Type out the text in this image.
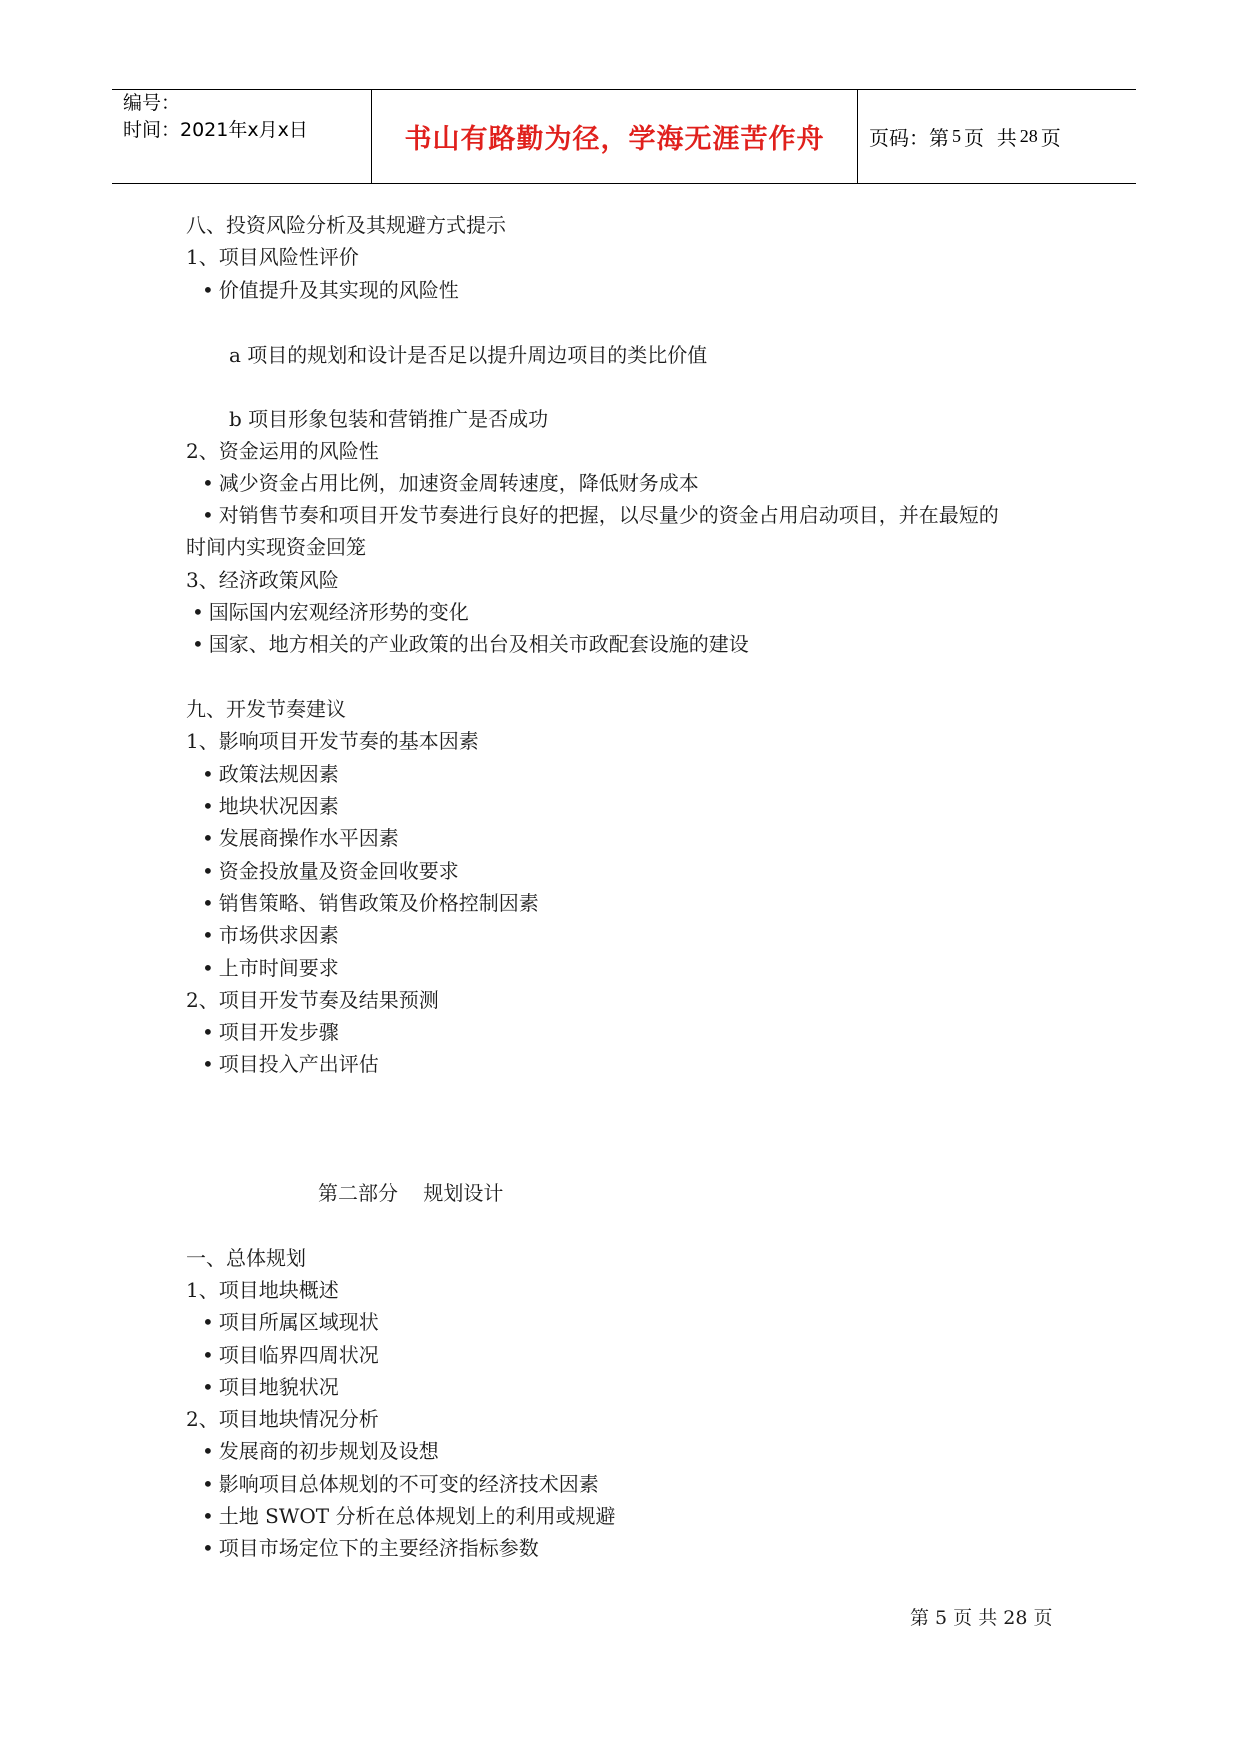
编号：
时间：2021年x月x日	书山有路勤为径，学海无涯苦作舟	页码：第 5 页  共 28 页
八、投资风险分析及其规避方式提示
1、项目风险性评价
• 价值提升及其实现的风险性
a 项目的规划和设计是否足以提升周边项目的类比价值
b 项目形象包装和营销推广是否成功
2、资金运用的风险性
• 减少资金占用比例，加速资金周转速度，降低财务成本
• 对销售节奏和项目开发节奏进行良好的把握，以尽量少的资金占用启动项目，并在最短的
时间内实现资金回笼
3、经济政策风险
• 国际国内宏观经济形势的变化
• 国家、地方相关的产业政策的出台及相关市政配套设施的建设
九、开发节奏建议
1、影响项目开发节奏的基本因素
• 政策法规因素
• 地块状况因素
• 发展商操作水平因素
• 资金投放量及资金回收要求
• 销售策略、销售政策及价格控制因素
• 市场供求因素
• 上市时间要求
2、项目开发节奏及结果预测
• 项目开发步骤
• 项目投入产出评估
第二部分    规划设计
一、总体规划
1、项目地块概述
• 项目所属区域现状
• 项目临界四周状况
• 项目地貌状况
2、项目地块情况分析
• 发展商的初步规划及设想
• 影响项目总体规划的不可变的经济技术因素
• 土地 SWOT 分析在总体规划上的利用或规避
• 项目市场定位下的主要经济指标参数
第 5 页 共 28 页
